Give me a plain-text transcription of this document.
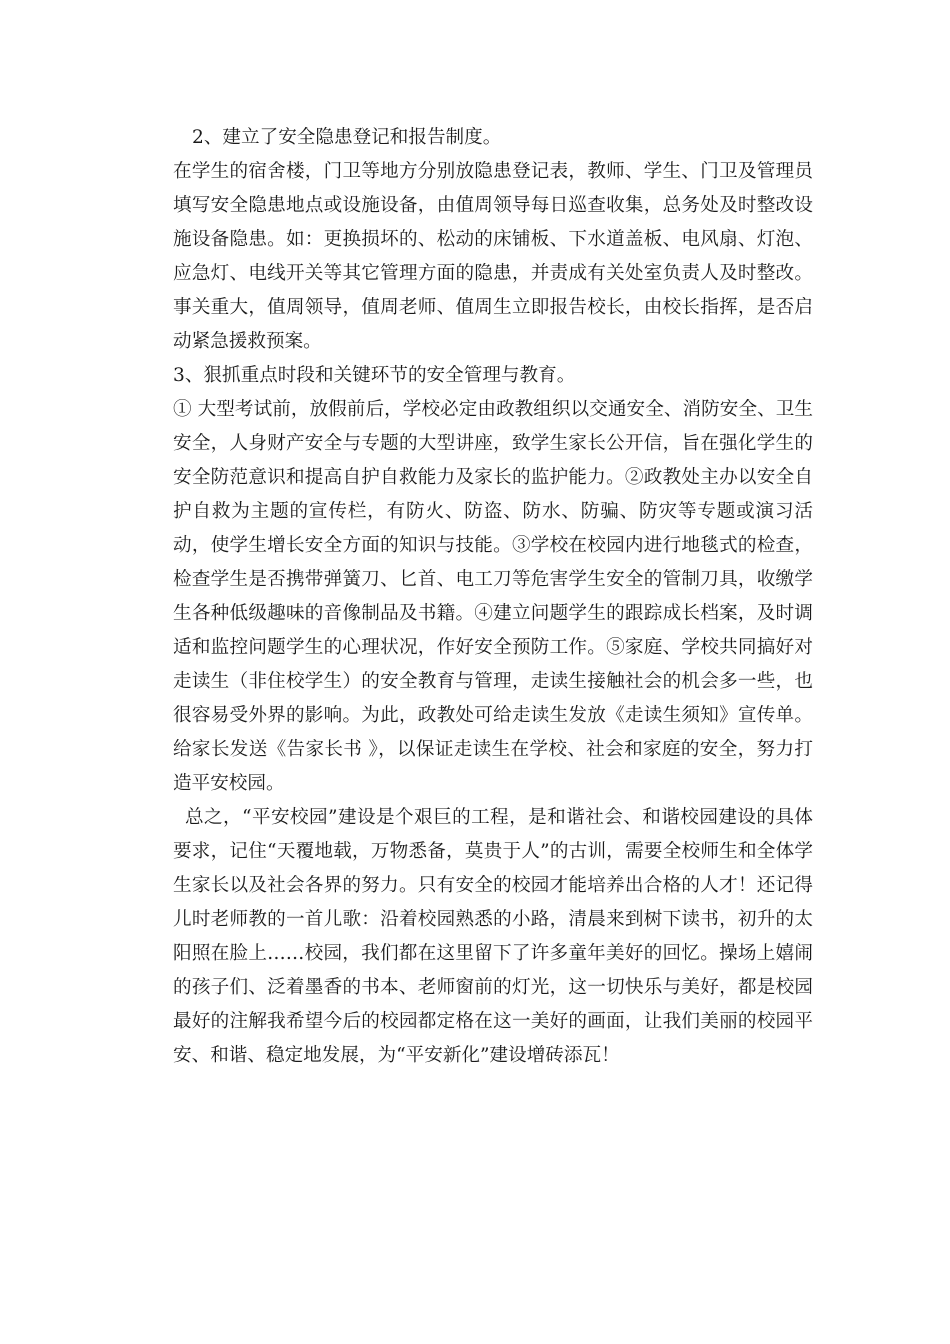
2、建立了安全隐患登记和报告制度。

在学生的宿舍楼，门卫等地方分别放隐患登记表，教师、学生、门卫及管理员填写安全隐患地点或设施设备，由值周领导每日巡查收集，总务处及时整改设施设备隐患。如：更换损坏的、松动的床铺板、下水道盖板、电风扇、灯泡、应急灯、电线开关等其它管理方面的隐患，并责成有关处室负责人及时整改。事关重大，值周领导，值周老师、值周生立即报告校长，由校长指挥，是否启动紧急援救预案。

3、狠抓重点时段和关键环节的安全管理与教育。

① 大型考试前，放假前后，学校必定由政教组织以交通安全、消防安全、卫生安全，人身财产安全与专题的大型讲座，致学生家长公开信，旨在强化学生的安全防范意识和提高自护自救能力及家长的监护能力。②政教处主办以安全自护自救为主题的宣传栏，有防火、防盗、防水、防骗、防灾等专题或演习活动，使学生增长安全方面的知识与技能。③学校在校园内进行地毯式的检查，检查学生是否携带弹簧刀、匕首、电工刀等危害学生安全的管制刀具，收缴学生各种低级趣味的音像制品及书籍。④建立问题学生的跟踪成长档案，及时调适和监控问题学生的心理状况，作好安全预防工作。⑤家庭、学校共同搞好对走读生（非住校学生）的安全教育与管理，走读生接触社会的机会多一些，也很容易受外界的影响。为此，政教处可给走读生发放《走读生须知》宣传单。给家长发送《告家长书 》，以保证走读生在学校、社会和家庭的安全，努力打造平安校园。

总之，“平安校园”建设是个艰巨的工程，是和谐社会、和谐校园建设的具体要求，记住“天覆地载，万物悉备，莫贵于人”的古训，需要全校师生和全体学生家长以及社会各界的努力。只有安全的校园才能培养出合格的人才！还记得儿时老师教的一首儿歌：沿着校园熟悉的小路，清晨来到树下读书，初升的太阳照在脸上……校园，我们都在这里留下了许多童年美好的回忆。操场上嬉闹的孩子们、泛着墨香的书本、老师窗前的灯光，这一切快乐与美好，都是校园最好的注解我希望今后的校园都定格在这一美好的画面，让我们美丽的校园平安、和谐、稳定地发展，为“平安新化”建设增砖添瓦！
